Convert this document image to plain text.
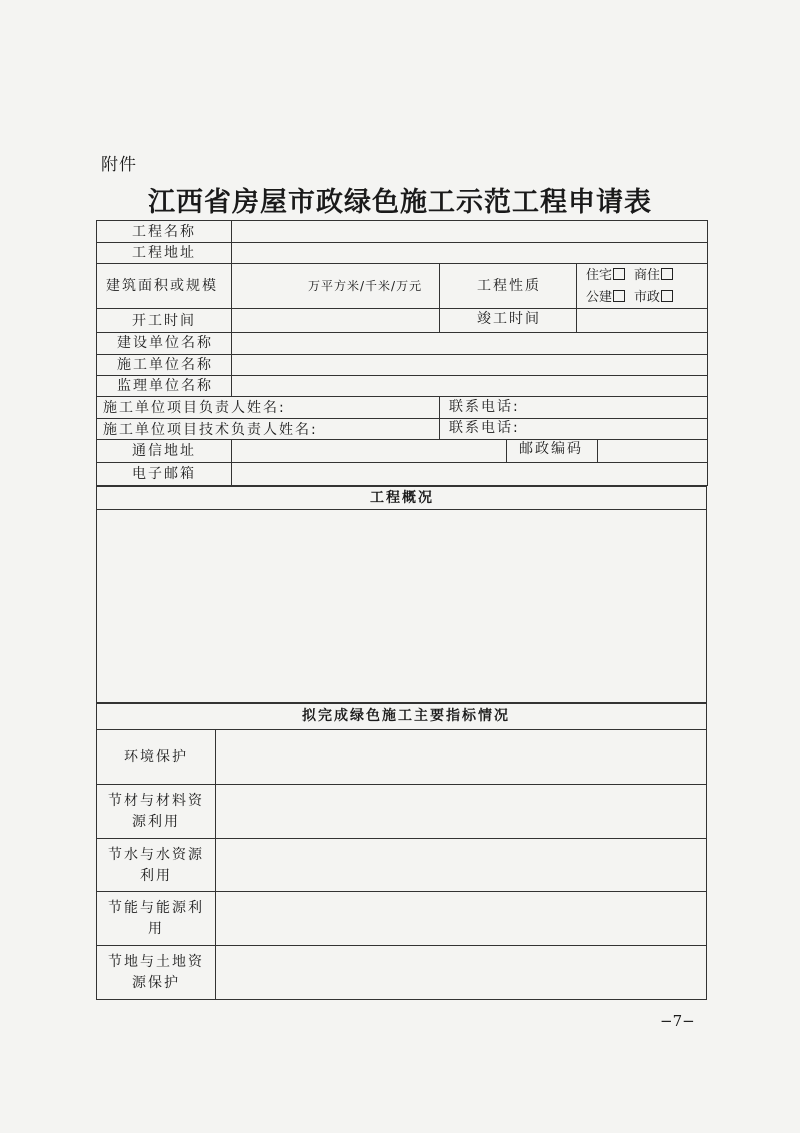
附件
江西省房屋市政绿色施工示范工程申请表
工程名称
工程地址
建筑面积或规模	万平方米/千米/万元	工程性质
住宅	商住
公建	市政
开工时间	竣工时间
建设单位名称
施工单位名称
监理单位名称
施工单位项目负责人姓名:	联系电话:
施工单位项目技术负责人姓名:	联系电话:
通信地址	邮政编码
电子邮箱
工程概况
拟完成绿色施工主要指标情况
环境保护
节材与材料资源利用
节水与水资源利用
节能与能源利用
节地与土地资源保护
−7−
